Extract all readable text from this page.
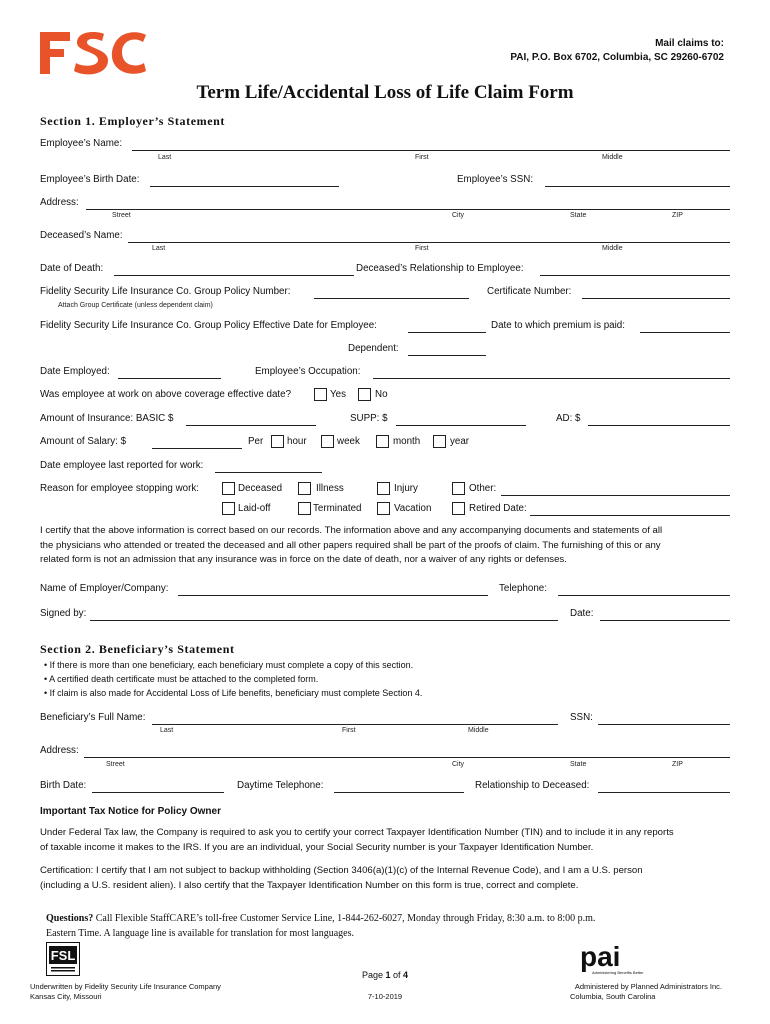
Mail claims to:
PAI, P.O. Box 6702, Columbia, SC 29260-6702
Term Life/Accidental Loss of Life Claim Form
Section 1. Employer’s Statement
Employee’s Name:
Last	First	Middle
Employee’s Birth Date:	Employee’s SSN:
Address:
Street	City	State	ZIP
Deceased’s Name:
Last	First	Middle
Date of Death:	Deceased’s Relationship to Employee:
Fidelity Security Life Insurance Co. Group Policy Number:	Certificate Number:
Attach Group Certificate (unless dependent claim)
Fidelity Security Life Insurance Co. Group Policy Effective Date for Employee:	Date to which premium is paid:
Dependent:
Date Employed:	Employee’s Occupation:
Was employee at work on above coverage effective date?	Yes	No
Amount of Insurance: BASIC $	SUPP: $	AD: $
Amount of Salary: $	Per hour	week	month	year
Date employee last reported for work:
Reason for employee stopping work:	Deceased	Illness	Injury	Other:
Laid-off	Terminated	Vacation	Retired Date:
I certify that the above information is correct based on our records. The information above and any accompanying documents and statements of all
the physicians who attended or treated the deceased and all other papers required shall be part of the proofs of claim. The furnishing of this or any
related form is not an admission that any insurance was in force on the date of death, nor a waiver of any rights or defenses.
Name of Employer/Company:	Telephone:
Signed by:	Date:
Section 2. Beneficiary’s Statement
• If there is more than one beneficiary, each beneficiary must complete a copy of this section.
• A certified death certificate must be attached to the completed form.
• If claim is also made for Accidental Loss of Life benefits, beneficiary must complete Section 4.
Beneficiary’s Full Name:
Last	First	Middle
SSN:
Address:
Street	City	State	ZIP
Birth Date:	Daytime Telephone:	Relationship to Deceased:
Important Tax Notice for Policy Owner
Under Federal Tax law, the Company is required to ask you to certify your correct Taxpayer Identification Number (TIN) and to include it in any reports
of taxable income it makes to the IRS. If you are an individual, your Social Security number is your Taxpayer Identification Number.
Certification: I certify that I am not subject to backup withholding (Section 3406(a)(1)(c) of the Internal Revenue Code), and I am a U.S. person
(including a U.S. resident alien). I also certify that the Taxpayer Identification Number on this form is true, correct and complete.
Questions? Call Flexible StaffCARE’s toll-free Customer Service Line, 1-844-262-6027, Monday through Friday, 8:30 a.m. to 8:00 p.m.
Eastern Time. A language line is available for translation for most languages.
FSL
Page 1 of 4
Underwritten by Fidelity Security Life Insurance Company
Kansas City, Missouri	7-10-2019
pai
Administering Benefits Better
Administered by Planned Administrators Inc.
Columbia, South Carolina
